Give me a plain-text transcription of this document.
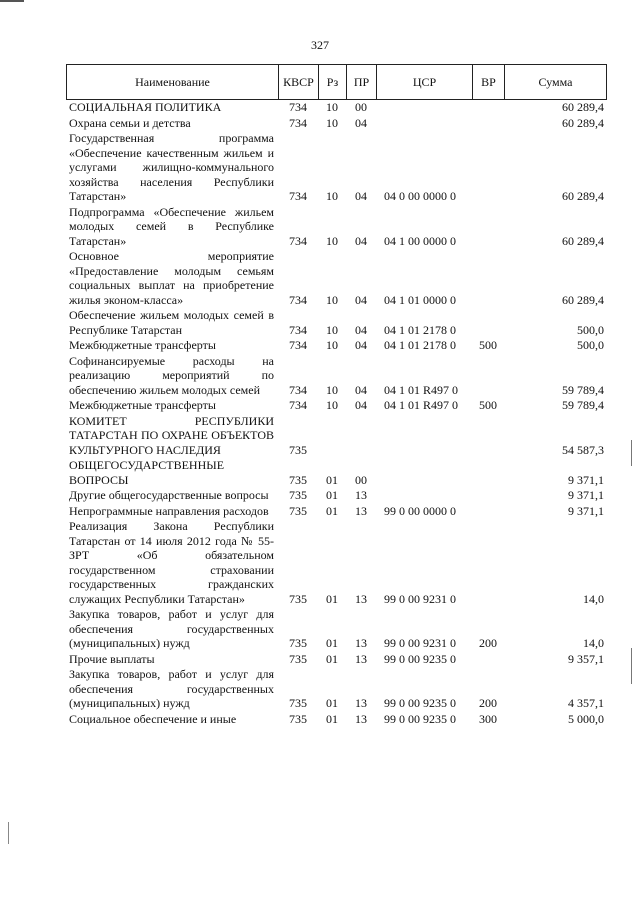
327
Наименование	КВСР	Рз	ПР	ЦСР	ВР	Сумма
СОЦИАЛЬНАЯ ПОЛИТИКА	734	10	00			60 289,4
Охрана семьи и детства	734	10	04			60 289,4
Государственная программа «Обеспечение качественным жильем и услугами жилищно-коммунального хозяйства населения Республики Татарстан»	734	10	04	04 0 00 0000 0		60 289,4
Подпрограмма «Обеспечение жильем молодых семей в Республике Татарстан»	734	10	04	04 1 00 0000 0		60 289,4
Основное мероприятие «Предоставление молодым семьям социальных выплат на приобретение жилья эконом-класса»	734	10	04	04 1 01 0000 0		60 289,4
Обеспечение жильем молодых семей в Республике Татарстан	734	10	04	04 1 01 2178 0		500,0
Межбюджетные трансферты	734	10	04	04 1 01 2178 0	500	500,0
Софинансируемые расходы на реализацию мероприятий по обеспечению жильем молодых семей	734	10	04	04 1 01 R497 0		59 789,4
Межбюджетные трансферты	734	10	04	04 1 01 R497 0	500	59 789,4
КОМИТЕТ РЕСПУБЛИКИ ТАТАРСТАН ПО ОХРАНЕ ОБЪЕКТОВ КУЛЬТУРНОГО НАСЛЕДИЯ	735					54 587,3
ОБЩЕГОСУДАРСТВЕННЫЕ ВОПРОСЫ	735	01	00			9 371,1
Другие общегосударственные вопросы	735	01	13			9 371,1
Непрограммные направления расходов	735	01	13	99 0 00 0000 0		9 371,1
Реализация Закона Республики Татарстан от 14 июля 2012 года № 55-ЗРТ «Об обязательном государственном страховании государственных гражданских служащих Республики Татарстан»	735	01	13	99 0 00 9231 0		14,0
Закупка товаров, работ и услуг для обеспечения государственных (муниципальных) нужд	735	01	13	99 0 00 9231 0	200	14,0
Прочие выплаты	735	01	13	99 0 00 9235 0		9 357,1
Закупка товаров, работ и услуг для обеспечения государственных (муниципальных) нужд	735	01	13	99 0 00 9235 0	200	4 357,1
Социальное обеспечение и иные	735	01	13	99 0 00 9235 0	300	5 000,0
